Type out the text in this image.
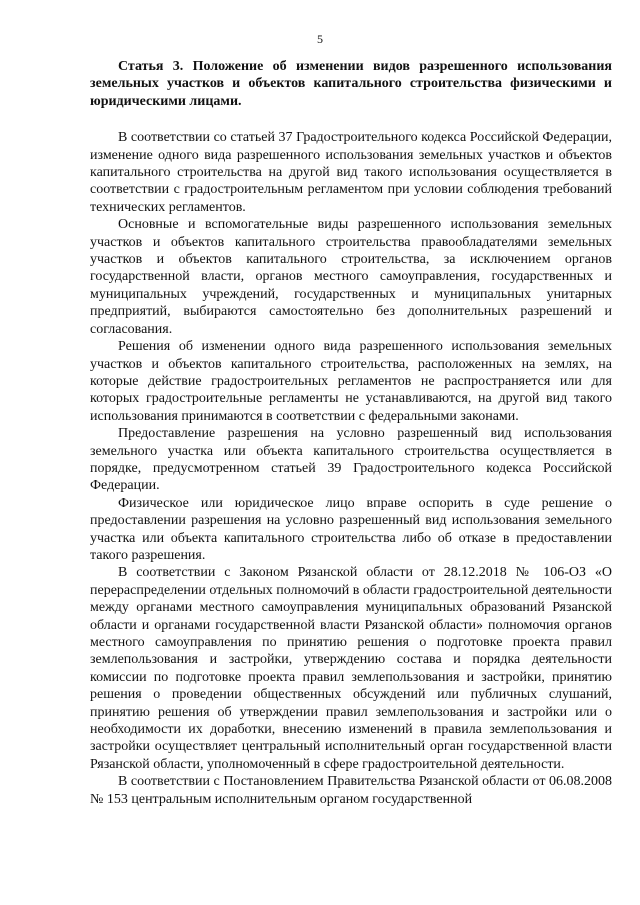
5

Статья 3. Положение об изменении видов разрешенного использования земельных участков и объектов капитального строительства физическими и юридическими лицами.

В соответствии со статьей 37 Градостроительного кодекса Российской Федерации, изменение одного вида разрешенного использования земельных участков и объектов капитального строительства на другой вид такого использования осуществляется в соответствии с градостроительным регламентом при условии соблюдения требований технических регламентов.

Основные и вспомогательные виды разрешенного использования земельных участков и объектов капитального строительства правообладателями земельных участков и объектов капитального строительства, за исключением органов государственной власти, органов местного самоуправления, государственных и муниципальных учреждений, государственных и муниципальных унитарных предприятий, выбираются самостоятельно без дополнительных разрешений и согласования.

Решения об изменении одного вида разрешенного использования земельных участков и объектов капитального строительства, расположенных на землях, на которые действие градостроительных регламентов не распространяется или для которых градостроительные регламенты не устанавливаются, на другой вид такого использования принимаются в соответствии с федеральными законами.

Предоставление разрешения на условно разрешенный вид использования земельного участка или объекта капитального строительства осуществляется в порядке, предусмотренном статьей 39 Градостроительного кодекса Российской Федерации.

Физическое или юридическое лицо вправе оспорить в суде решение о предоставлении разрешения на условно разрешенный вид использования земельного участка или объекта капитального строительства либо об отказе в предоставлении такого разрешения.

В соответствии с Законом Рязанской области от 28.12.2018 № 106-ОЗ «О перераспределении отдельных полномочий в области градостроительной деятельности между органами местного самоуправления муниципальных образований Рязанской области и органами государственной власти Рязанской области» полномочия органов местного самоуправления по принятию решения о подготовке проекта правил землепользования и застройки, утверждению состава и порядка деятельности комиссии по подготовке проекта правил землепользования и застройки, принятию решения о проведении общественных обсуждений или публичных слушаний, принятию решения об утверждении правил землепользования и застройки или о необходимости их доработки, внесению изменений в правила землепользования и застройки осуществляет центральный исполнительный орган государственной власти Рязанской области, уполномоченный в сфере градостроительной деятельности.

В соответствии с Постановлением Правительства Рязанской области от 06.08.2008 № 153 центральным исполнительным органом государственной
